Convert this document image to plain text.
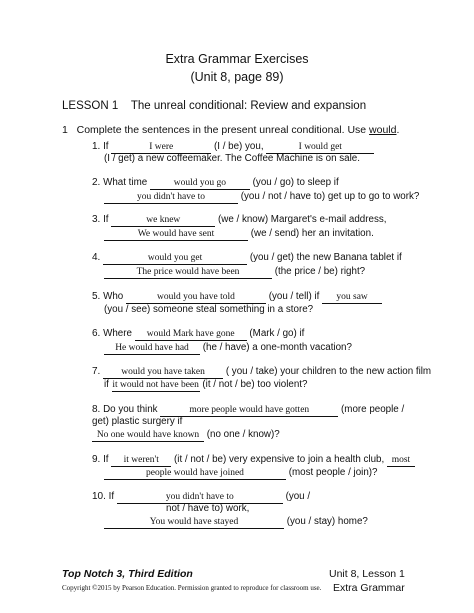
Extra Grammar Exercises
(Unit 8, page 89)
LESSON 1 The unreal conditional: Review and expansion
1 Complete the sentences in the present unreal conditional. Use would.
1. If	I were	(I / be) you,	I would get
(I / get) a new coffeemaker. The Coffee Machine is on sale.
2. What time	would you go	(you / go) to sleep if
you didn't have to	(you / not / have to) get up to go to work?
3. If	we knew	(we / know) Margaret's e-mail address,
We would have sent	(we / send) her an invitation.
4.	would you get	(you / get) the new Banana tablet if
The price would have been	(the price / be) right?
5. Who	would you have told	(you / tell) if you saw
(you / see) someone steal something in a store?
6. Where would Mark have gone (Mark / go) if
He would have had (he / have) a one-month vacation?
7. would you have taken ( you / take) your children to the new action film
if it would not have been (it / not / be) too violent?
8. Do you think	more people would have gotten	(more people /
get) plastic surgery if
No one would have known (no one / know)?
9. If it weren't (it / not / be) very expensive to join a health club, most
people would have joined	(most people / join)?
10. If	you didn't have to	(you /
not / have to) work,
You would have stayed	(you / stay) home?
Top Notch 3, Third Edition	Unit 8, Lesson 1
Copyright ©2015 by Pearson Education. Permission granted to reproduce for classroom use. Extra Grammar
